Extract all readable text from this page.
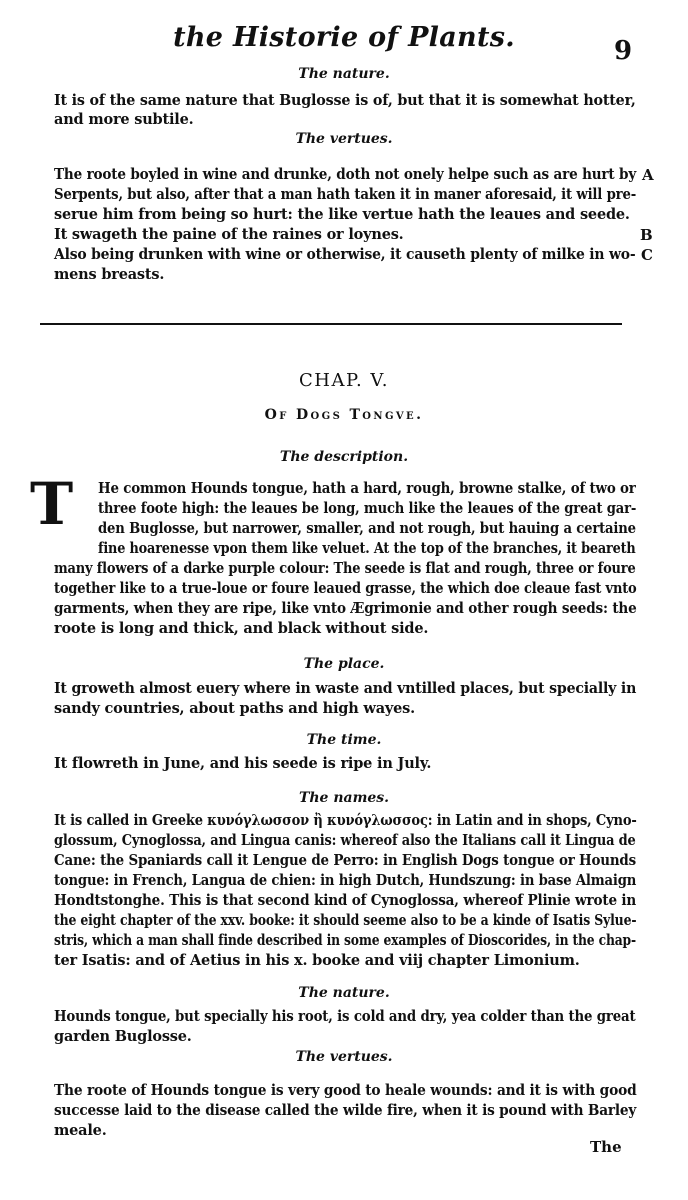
the Historie of Plants.	9
The nature.
It is of the same nature that Buglosse is of, but that it is somewhat hotter,
and more subtile.
The vertues.
The roote boyled in wine and drunke, doth not onely helpe such as are hurt by
Serpents, but also, after that a man hath taken it in maner aforesaid, it will pre-
serue him from being so hurt: the like vertue hath the leaues and seede.
It swageth the paine of the raines or loynes.
Also being drunken with wine or otherwise, it causeth plenty of milke in wo-
mens breasts.
A
B
C
CHAP. V.
Of Dogs Tongve.
The description.
T He common Hounds tongue, hath a hard, rough, browne stalke, of two or
three foote high: the leaues be long, much like the leaues of the great gar-
den Buglosse, but narrower, smaller, and not rough, but hauing a certaine
fine hoarenesse vpon them like veluet. At the top of the branches, it beareth
many flowers of a darke purple colour: The seede is flat and rough, three or foure
together like to a true-loue or foure leaued grasse, the which doe cleaue fast vnto
garments, when they are ripe, like vnto Ægrimonie and other rough seeds: the
roote is long and thick, and black without side.
The place.
It groweth almost euery where in waste and vntilled places, but specially in
sandy countries, about paths and high wayes.
The time.
It flowreth in June, and his seede is ripe in July.
The names.
It is called in Greeke κυνόγλωσσον ἢ κυνόγλωσσος: in Latin and in shops, Cyno-
glossum, Cynoglossa, and Lingua canis: whereof also the Italians call it Lingua de
Cane: the Spaniards call it Lengue de Perro: in English Dogs tongue or Hounds
tongue: in French, Langua de chien: in high Dutch, Hundszung: in base Almaign
Hondtstonghe. This is that second kind of Cynoglossa, whereof Plinie wrote in
the eight chapter of the xxv. booke: it should seeme also to be a kinde of Isatis Sylue-
stris, which a man shall finde described in some examples of Dioscorides, in the chap-
ter Isatis: and of Aetius in his x. booke and viij chapter Limonium.
The nature.
Hounds tongue, but specially his root, is cold and dry, yea colder than the great
garden Buglosse.
The vertues.
The roote of Hounds tongue is very good to heale wounds: and it is with good
successe laid to the disease called the wilde fire, when it is pound with Barley
meale.
The
